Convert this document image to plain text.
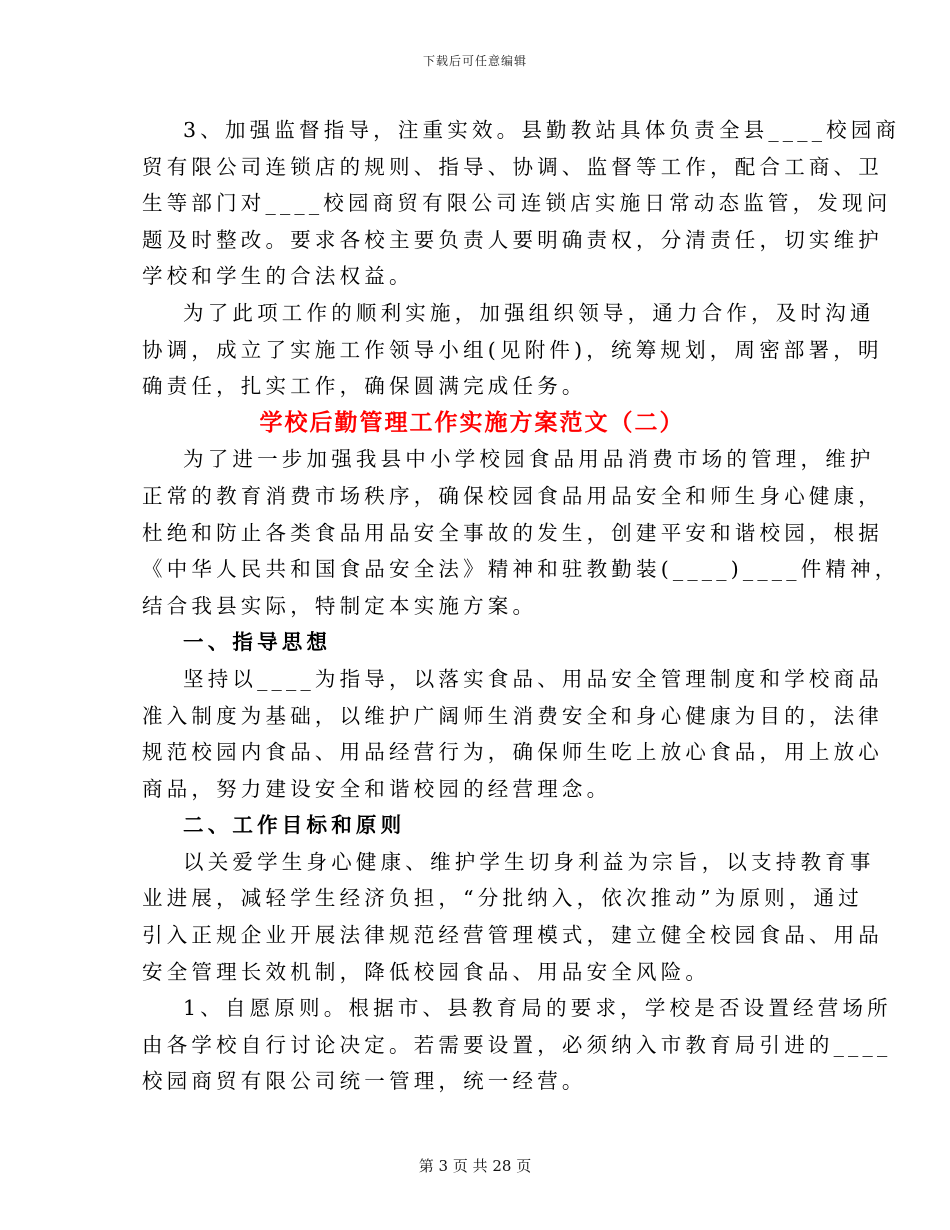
下载后可任意编辑
3、加强监督指导，注重实效。县勤教站具体负责全县____校园商
贸有限公司连锁店的规则、指导、协调、监督等工作，配合工商、卫
生等部门对____校园商贸有限公司连锁店实施日常动态监管，发现问
题及时整改。要求各校主要负责人要明确责权，分清责任，切实维护
学校和学生的合法权益。
为了此项工作的顺利实施，加强组织领导，通力合作，及时沟通
协调，成立了实施工作领导小组(见附件)，统筹规划，周密部署，明
确责任，扎实工作，确保圆满完成任务。
学校后勤管理工作实施方案范文（二）
为了进一步加强我县中小学校园食品用品消费市场的管理，维护
正常的教育消费市场秩序，确保校园食品用品安全和师生身心健康，
杜绝和防止各类食品用品安全事故的发生，创建平安和谐校园，根据
《中华人民共和国食品安全法》精神和驻教勤装(____)____件精神，
结合我县实际，特制定本实施方案。
一、指导思想
坚持以____为指导，以落实食品、用品安全管理制度和学校商品
准入制度为基础，以维护广阔师生消费安全和身心健康为目的，法律
规范校园内食品、用品经营行为，确保师生吃上放心食品，用上放心
商品，努力建设安全和谐校园的经营理念。
二、工作目标和原则
以关爱学生身心健康、维护学生切身利益为宗旨，以支持教育事
业进展，减轻学生经济负担，“分批纳入，依次推动”为原则，通过
引入正规企业开展法律规范经营管理模式，建立健全校园食品、用品
安全管理长效机制，降低校园食品、用品安全风险。
1、自愿原则。根据市、县教育局的要求，学校是否设置经营场所
由各学校自行讨论决定。若需要设置，必须纳入市教育局引进的____
校园商贸有限公司统一管理，统一经营。
第 3 页 共 28 页
